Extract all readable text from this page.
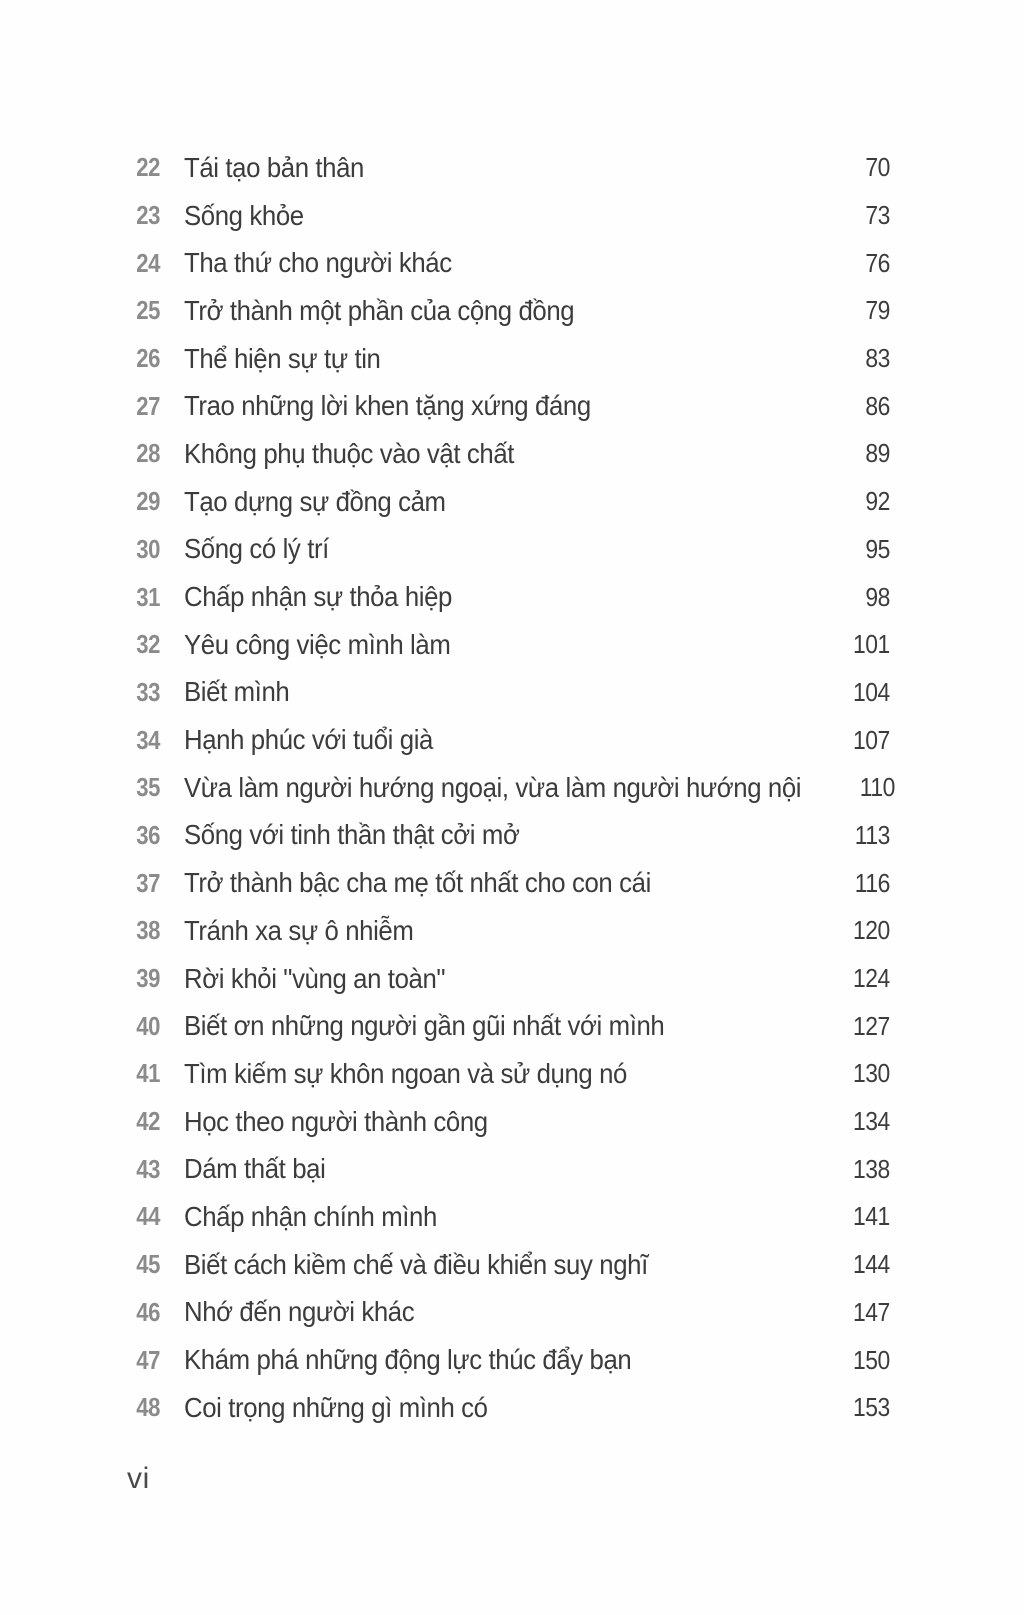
22 Tái tạo bản thân	70
23 Sống khỏe	73
24 Tha thứ cho người khác	76
25 Trở thành một phần của cộng đồng	79
26 Thể hiện sự tự tin	83
27 Trao những lời khen tặng xứng đáng	86
28 Không phụ thuộc vào vật chất	89
29 Tạo dựng sự đồng cảm	92
30 Sống có lý trí	95
31 Chấp nhận sự thỏa hiệp	98
32 Yêu công việc mình làm	101
33 Biết mình	104
34 Hạnh phúc với tuổi già	107
35 Vừa làm người hướng ngoại, vừa làm người hướng nội 110
36 Sống với tinh thần thật cởi mở	113
37 Trở thành bậc cha mẹ tốt nhất cho con cái	116
38 Tránh xa sự ô nhiễm	120
39 Rời khỏi "vùng an toàn"	124
40 Biết ơn những người gần gũi nhất với mình	127
41 Tìm kiếm sự khôn ngoan và sử dụng nó	130
42 Học theo người thành công	134
43 Dám thất bại	138
44 Chấp nhận chính mình	141
45 Biết cách kiềm chế và điều khiển suy nghĩ	144
46 Nhớ đến người khác	147
47 Khám phá những động lực thúc đẩy bạn	150
48 Coi trọng những gì mình có	153
vi
